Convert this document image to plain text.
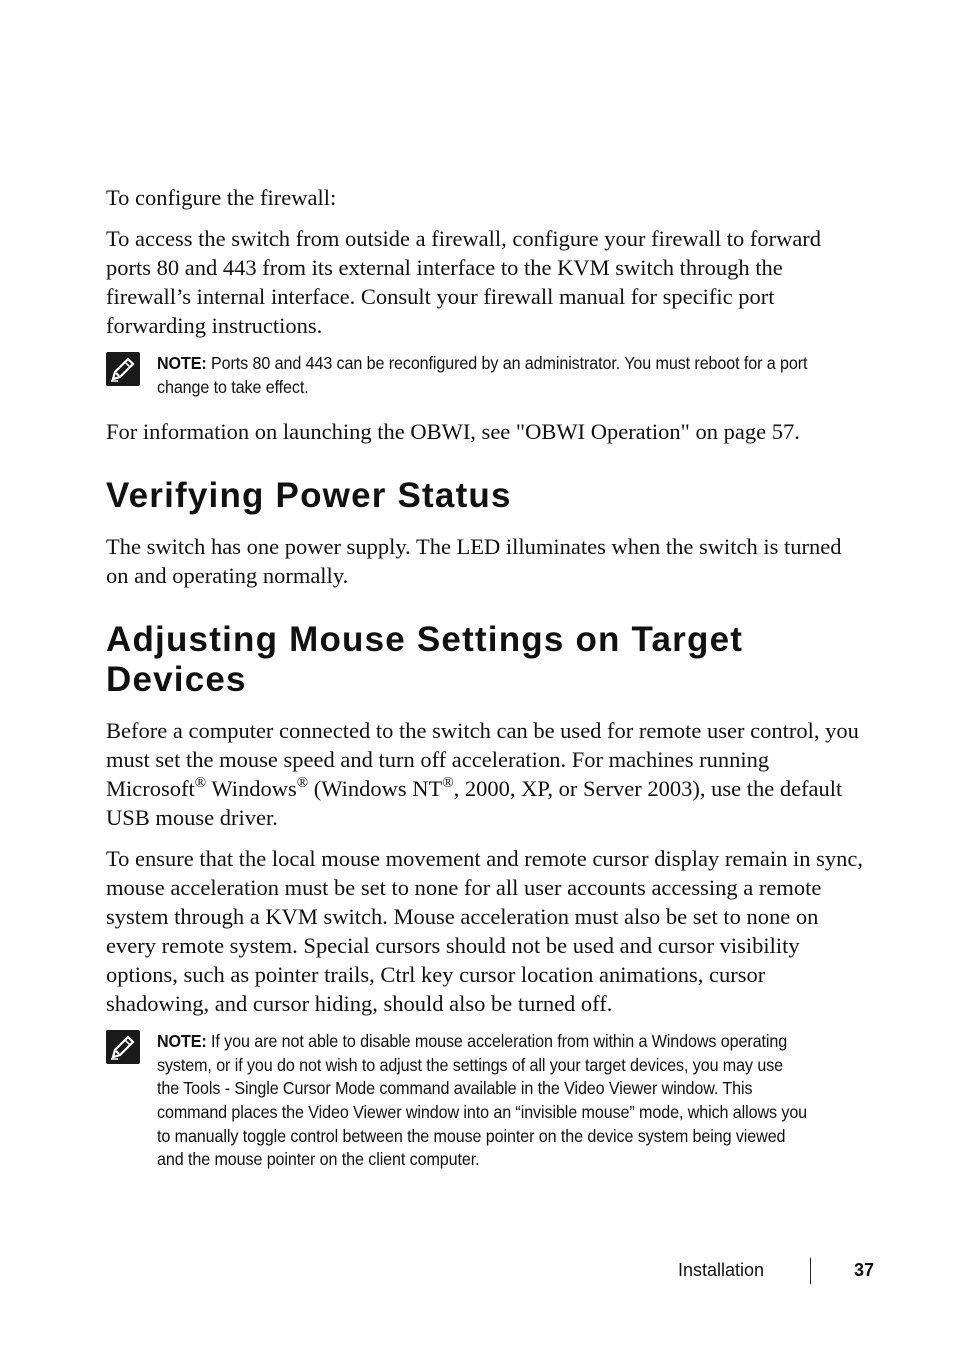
To configure the firewall:

To access the switch from outside a firewall, configure your firewall to forward ports 80 and 443 from its external interface to the KVM switch through the firewall’s internal interface. Consult your firewall manual for specific port forwarding instructions.

NOTE: Ports 80 and 443 can be reconfigured by an administrator. You must reboot for a port change to take effect.

For information on launching the OBWI, see "OBWI Operation" on page 57.

Verifying Power Status

The switch has one power supply. The LED illuminates when the switch is turned on and operating normally.

Adjusting Mouse Settings on Target Devices

Before a computer connected to the switch can be used for remote user control, you must set the mouse speed and turn off acceleration. For machines running Microsoft® Windows® (Windows NT®, 2000, XP, or Server 2003), use the default USB mouse driver.

To ensure that the local mouse movement and remote cursor display remain in sync, mouse acceleration must be set to none for all user accounts accessing a remote system through a KVM switch. Mouse acceleration must also be set to none on every remote system. Special cursors should not be used and cursor visibility options, such as pointer trails, Ctrl key cursor location animations, cursor shadowing, and cursor hiding, should also be turned off.

NOTE: If you are not able to disable mouse acceleration from within a Windows operating system, or if you do not wish to adjust the settings of all your target devices, you may use the Tools - Single Cursor Mode command available in the Video Viewer window. This command places the Video Viewer window into an “invisible mouse” mode, which allows you to manually toggle control between the mouse pointer on the device system being viewed and the mouse pointer on the client computer.
Installation	37
